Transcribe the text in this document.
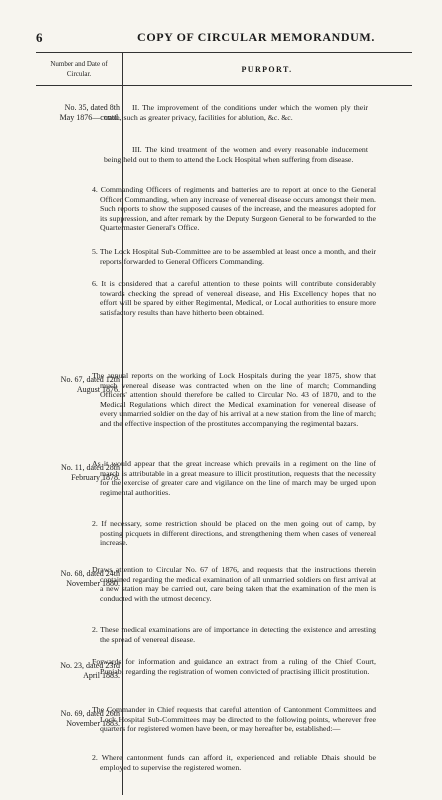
6	COPY OF CIRCULAR MEMORANDUM.
Number and Date of
Circular.	PURPORT.
No. 35, dated 8th
May 1876—contd.

II. The improvement of the conditions under which the women ply their trade, such as greater privacy, facilities for ablution, &c. &c.

III. The kind treatment of the women and every reasonable inducement being held out to them to attend the Lock Hospital when suffering from disease.

4. Commanding Officers of regiments and batteries are to report at once to the General Officer Commanding, when any increase of venereal disease occurs amongst their men. Such reports to show the supposed causes of the increase, and the measures adopted for its suppression, and after remark by the Deputy Surgeon General to be forwarded to the Quartermaster General's Office.

5. The Lock Hospital Sub-Committee are to be assembled at least once a month, and their reports forwarded to General Officers Commanding.

6. It is considered that a careful attention to these points will contribute considerably towards checking the spread of venereal disease, and His Excellency hopes that no effort will be spared by either Regimental, Medical, or Local authorities to ensure more satisfactory results than have hitherto been obtained.

No. 67, dated 12th
August 1876.

The annual reports on the working of Lock Hospitals during the year 1875, show that much venereal disease was contracted when on the line of march; Commanding Officers' attention should therefore be called to Circular No. 43 of 1870, and to the Medical Regulations which direct the Medical examination for venereal disease of every unmarried soldier on the day of his arrival at a new station from the line of march; and the effective inspection of the prostitutes accompanying the regimental bazars.

No. 11, dated 28th
February 1878.

As it would appear that the great increase which prevails in a regiment on the line of march is attributable in a great measure to illicit prostitution, requests that the necessity for the exercise of greater care and vigilance on the line of march may be urged upon regimental authorities.

2. If necessary, some restriction should be placed on the men going out of camp, by posting picquets in different directions, and strengthening them when cases of venereal increase.

No. 68, dated 24th
November 1880.

Draws attention to Circular No. 67 of 1876, and requests that the instructions therein contained regarding the medical examination of all unmarried soldiers on first arrival at a new station may be carried out, care being taken that the examination of the men is conducted with the utmost decency.

2. These medical examinations are of importance in detecting the existence and arresting the spread of venereal disease.

No. 23, dated 23rd
April 1883.

Forwards for information and guidance an extract from a ruling of the Chief Court, Punjab, regarding the registration of women convicted of practising illicit prostitution.

No. 69, dated 26th
November 1883.

The Commander in Chief requests that careful attention of Cantonment Committees and Lock Hospital Sub-Committees may be directed to the following points, wherever free quarters for registered women have been, or may hereafter be, established:—

2. Where cantonment funds can afford it, experienced and reliable Dhais should be employed to supervise the registered women.
